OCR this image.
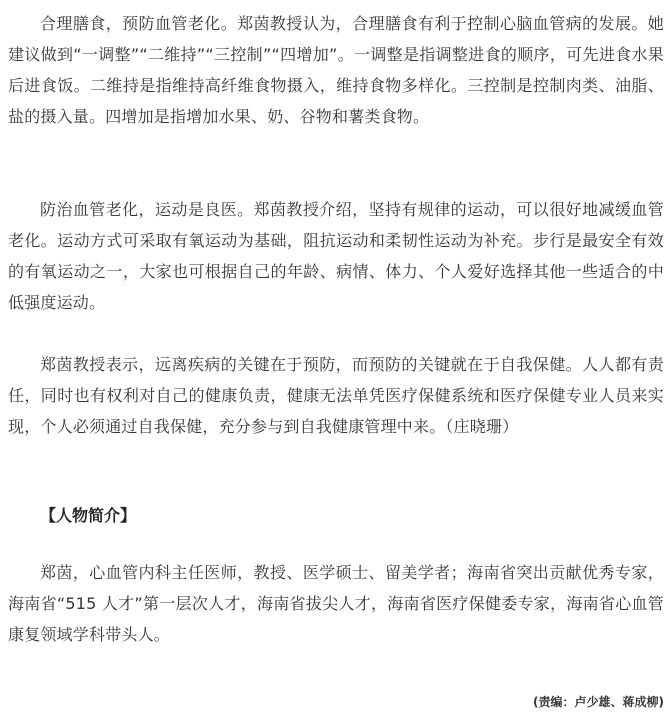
合理膳食，预防血管老化。郑茵教授认为，合理膳食有利于控制心脑血管病的发展。她建议做到“一调整”“二维持”“三控制”“四增加”。一调整是指调整进食的顺序，可先进食水果后进食饭。二维持是指维持高纤维食物摄入，维持食物多样化。三控制是控制肉类、油脂、盐的摄入量。四增加是指增加水果、奶、谷物和薯类食物。

防治血管老化，运动是良医。郑茵教授介绍，坚持有规律的运动，可以很好地减缓血管老化。运动方式可采取有氧运动为基础，阻抗运动和柔韧性运动为补充。步行是最安全有效的有氧运动之一，大家也可根据自己的年龄、病情、体力、个人爱好选择其他一些适合的中低强度运动。

郑茵教授表示，远离疾病的关键在于预防，而预防的关键就在于自我保健。人人都有责任，同时也有权利对自己的健康负责，健康无法单凭医疗保健系统和医疗保健专业人员来实现，个人必须通过自我保健，充分参与到自我健康管理中来。（庄晓珊）

【人物简介】

郑茵，心血管内科主任医师，教授、医学硕士、留美学者；海南省突出贡献优秀专家，海南省“515 人才”第一层次人才，海南省拔尖人才，海南省医疗保健委专家，海南省心血管康复领域学科带头人。

(责编：卢少雄、蒋成柳)
